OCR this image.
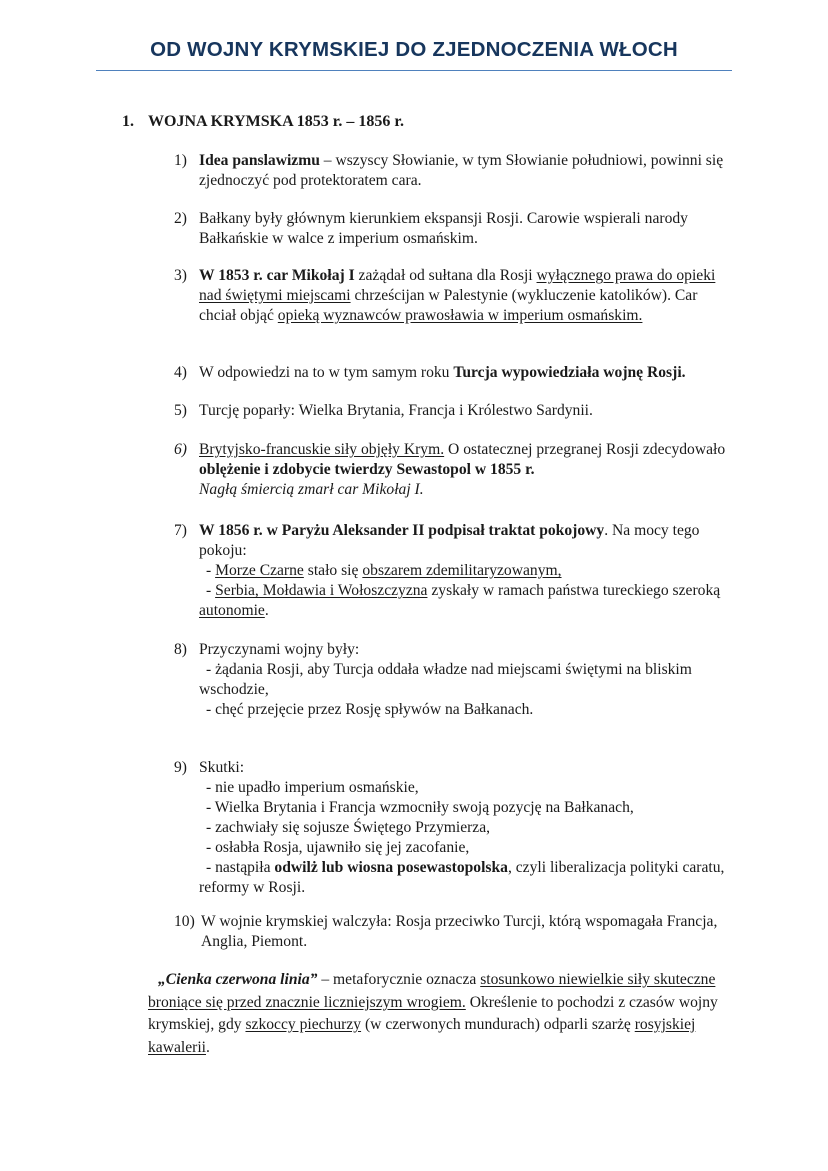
OD WOJNY KRYMSKIEJ DO ZJEDNOCZENIA WŁOCH
1. WOJNA KRYMSKA 1853 r. – 1856 r.
1) Idea panslawizmu – wszyscy Słowianie, w tym Słowianie południowi, powinni się zjednoczyć pod protektoratem cara.
2) Bałkany były głównym kierunkiem ekspansji Rosji. Carowie wspierali narody Bałkańskie w walce z imperium osmańskim.
3) W 1853 r. car Mikołaj I zażądał od sułtana dla Rosji wyłącznego prawa do opieki nad świętymi miejscami chrześcijan w Palestynie (wykluczenie katolików). Car chciał objąć opieką wyznawców prawosławia w imperium osmańskim.
4) W odpowiedzi na to w tym samym roku Turcja wypowiedziała wojnę Rosji.
5) Turcję poparły: Wielka Brytania, Francja i Królestwo Sardynii.
6) Brytyjsko-francuskie siły objęły Krym. O ostatecznej przegranej Rosji zdecydowało oblężenie i zdobycie twierdzy Sewastopol w 1855 r.
Nagłą śmiercią zmarł car Mikołaj I.
7) W 1856 r. w Paryżu Aleksander II podpisał traktat pokojowy. Na mocy tego pokoju:
- Morze Czarne stało się obszarem zdemilitaryzowanym,
- Serbia, Mołdawia i Wołoszczyzna zyskały w ramach państwa tureckiego szeroką autonomie.
8) Przyczynami wojny były:
- żądania Rosji, aby Turcja oddała władze nad miejscami świętymi na bliskim wschodzie,
- chęć przejęcie przez Rosję spływów na Bałkanach.
9) Skutki:
- nie upadło imperium osmańskie,
- Wielka Brytania i Francja wzmocniły swoją pozycję na Bałkanach,
- zachwiały się sojusze Świętego Przymierza,
- osłabła Rosja, ujawniło się jej zacofanie,
- nastąpiła odwilż lub wiosna posewastopolska, czyli liberalizacja polityki caratu, reformy w Rosji.
10) W wojnie krymskiej walczyła: Rosja przeciwko Turcji, którą wspomagała Francja, Anglia, Piemont.
„Cienka czerwona linia” – metaforycznie oznacza stosunkowo niewielkie siły skuteczne broniące się przed znacznie liczniejszym wrogiem. Określenie to pochodzi z czasów wojny krymskiej, gdy szkoccy piechurzy (w czerwonych mundurach) odparli szarżę rosyjskiej kawalerii.
